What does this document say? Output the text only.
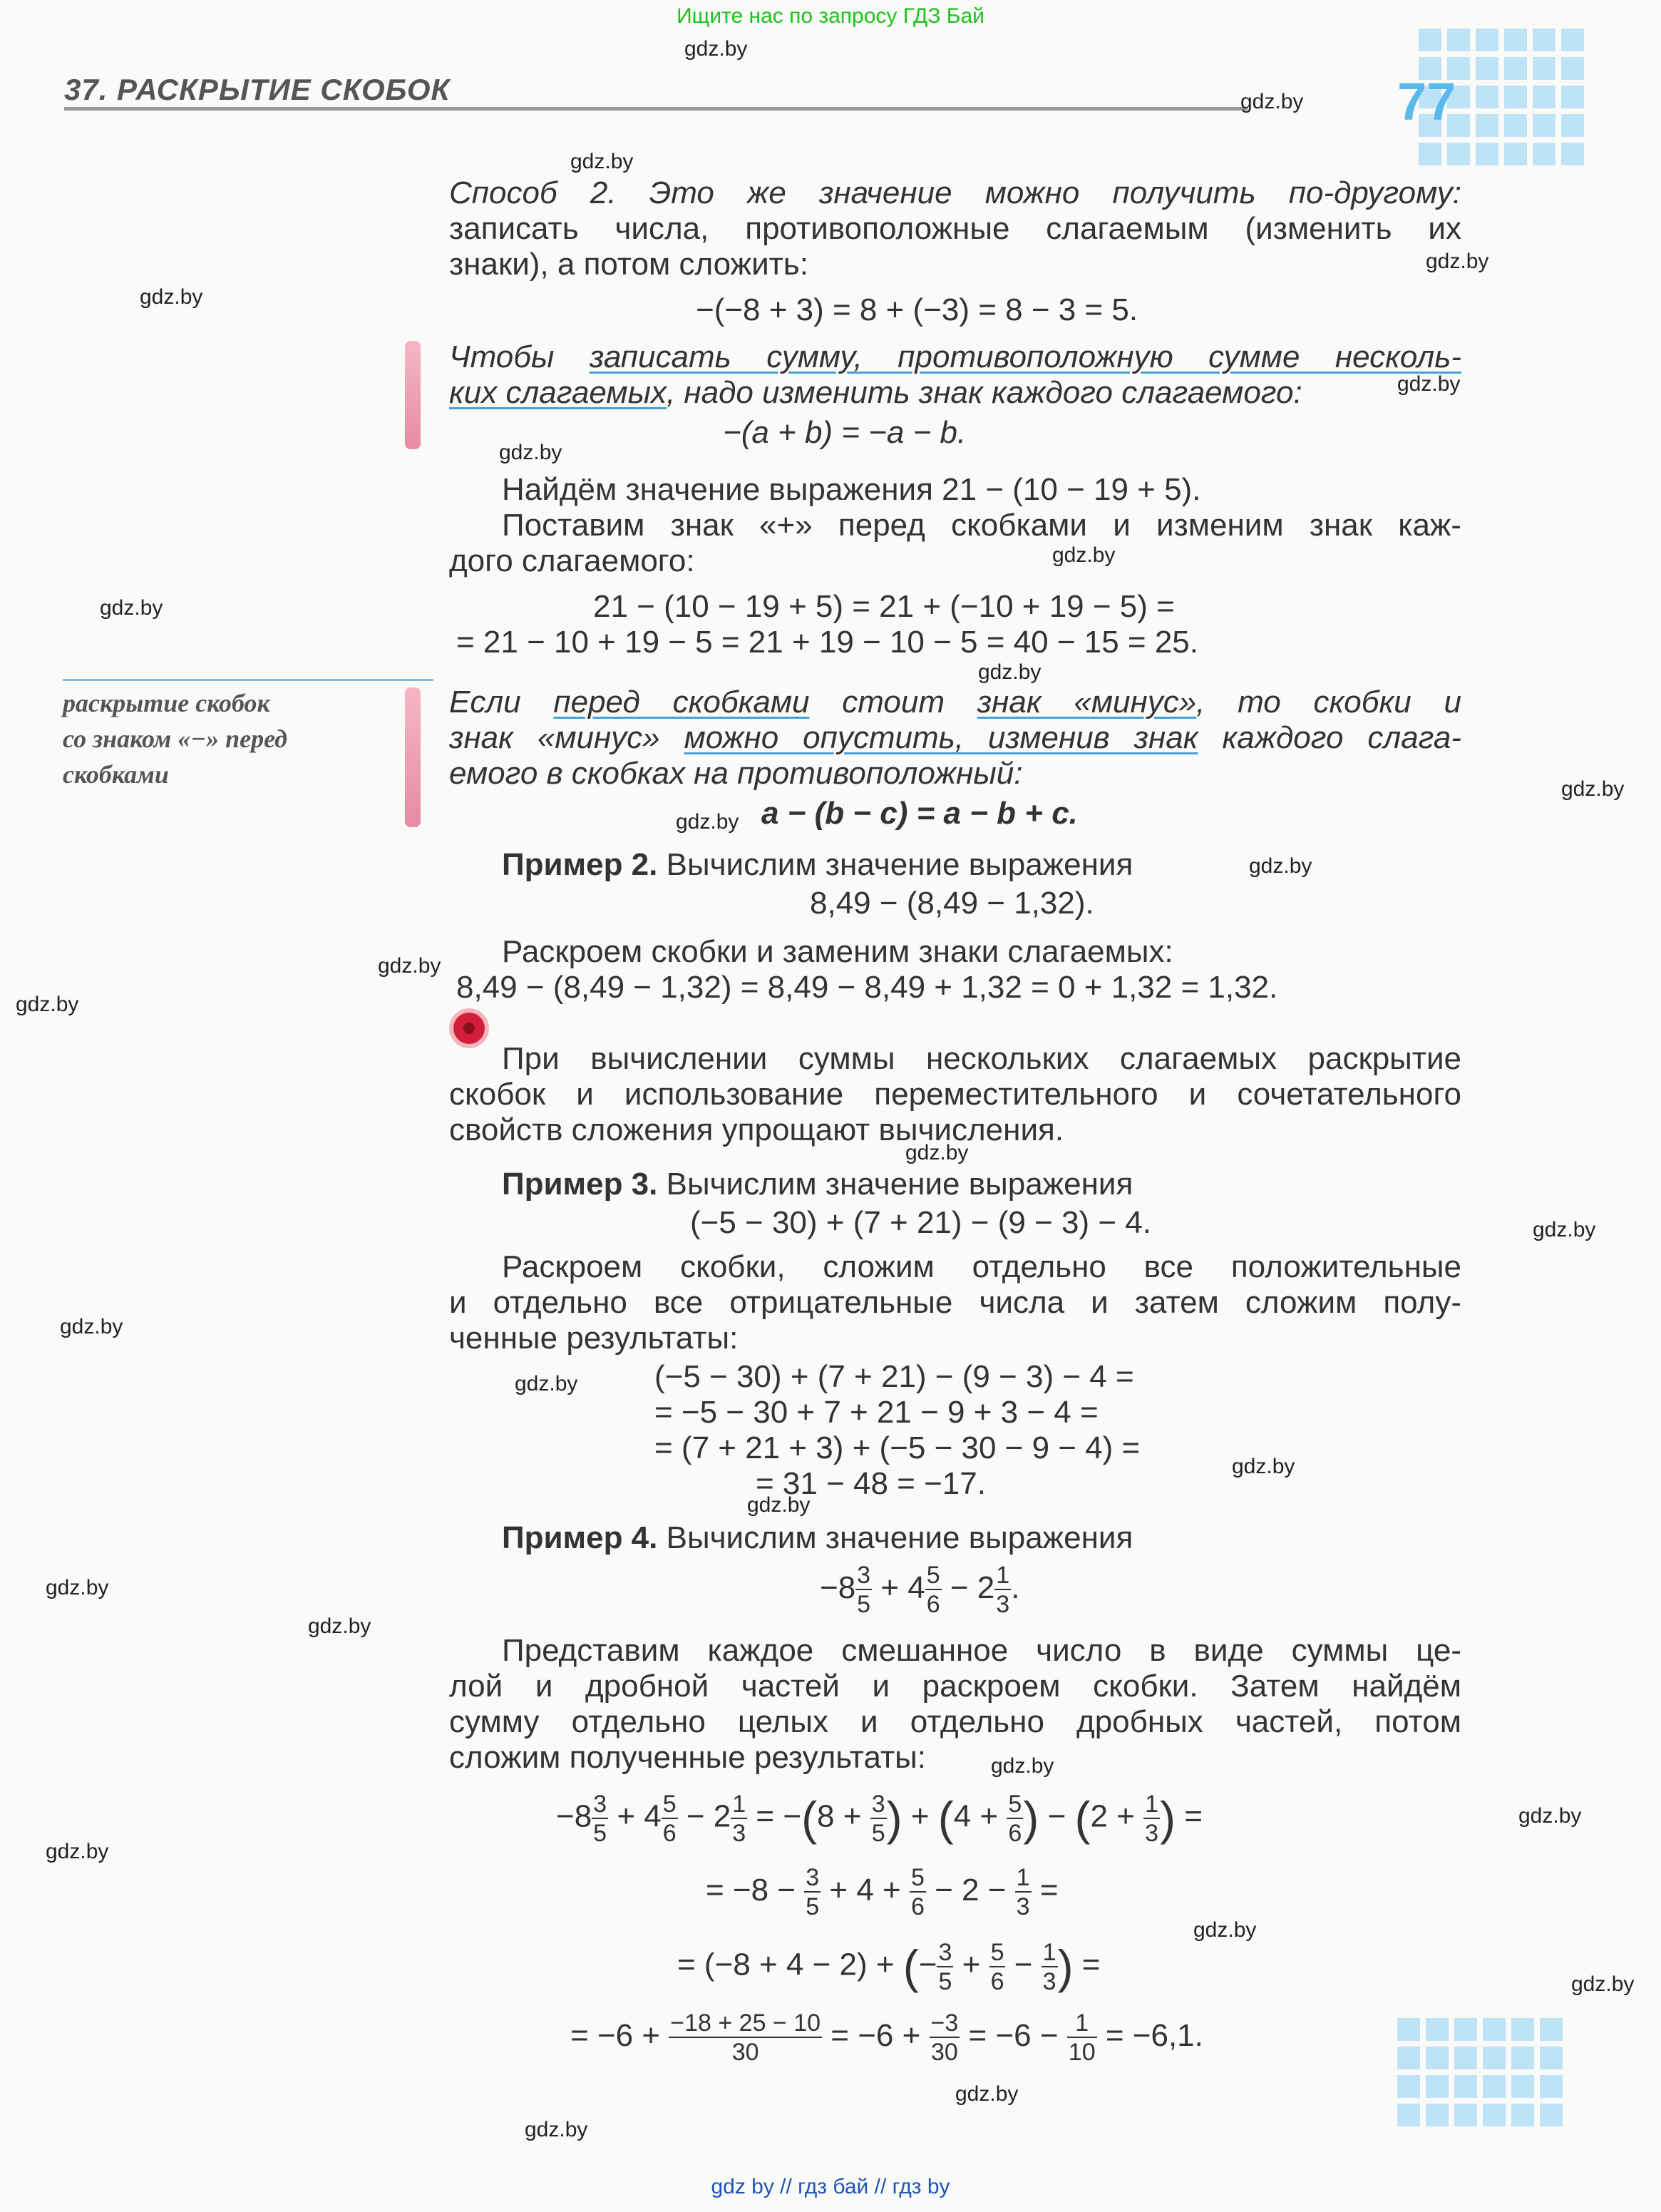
Ищите нас по запросу ГДЗ Бай
37. РАСКРЫТИЕ СКОБОК	77
gdz.by
gdz.by
gdz.by
gdz.by
gdz.by
gdz.by
gdz.by
gdz.by
gdz.by
gdz.by
gdz.by
gdz.by
gdz.by
gdz.by
gdz.by
gdz.by
gdz.by
gdz.by
gdz.by
gdz.by
gdz.by
gdz.by
gdz.by
gdz.by
gdz.by
gdz.by
gdz.by
gdz.by
gdz.by
gdz.by
Способ 2. Это же значение можно получить по-другому:
записать числа, противоположные слагаемым (изменить их
знаки), а потом сложить:
−(−8 + 3) = 8 + (−3) = 8 − 3 = 5.
Чтобы записать сумму, противоположную сумме несколь-
ких слагаемых, надо изменить знак каждого слагаемого:
−(a + b) = −a − b.
Найдём значение выражения 21 − (10 − 19 + 5).
Поставим знак «+» перед скобками и изменим знак каж-
дого слагаемого:
21 − (10 − 19 + 5) = 21 + (−10 + 19 − 5) =
= 21 − 10 + 19 − 5 = 21 + 19 − 10 − 5 = 40 − 15 = 25.
раскрытие скобок
со знаком «−» перед
скобками
Если перед скобками стоит знак «минус», то скобки и
знак «минус» можно опустить, изменив знак каждого слага-
емого в скобках на противоположный:
a − (b − c) = a − b + c.
Пример 2. Вычислим значение выражения
8,49 − (8,49 − 1,32).
Раскроем скобки и заменим знаки слагаемых:
8,49 − (8,49 − 1,32) = 8,49 − 8,49 + 1,32 = 0 + 1,32 = 1,32.
При вычислении суммы нескольких слагаемых раскрытие
скобок и использование переместительного и сочетательного
свойств сложения упрощают вычисления.
Пример 3. Вычислим значение выражения
(−5 − 30) + (7 + 21) − (9 − 3) − 4.
Раскроем скобки, сложим отдельно все положительные
и отдельно все отрицательные числа и затем сложим полу-
ченные результаты:
(−5 − 30) + (7 + 21) − (9 − 3) − 4 =
= −5 − 30 + 7 + 21 − 9 + 3 − 4 =
= (7 + 21 + 3) + (−5 − 30 − 9 − 4) =
= 31 − 48 = −17.
Пример 4. Вычислим значение выражения
$-8 \frac{3}{5} + 4 \frac{5}{6} - 2 \frac{1}{3}$ .
Представим каждое смешанное число в виде суммы це-
лой и дробной частей и раскроем скобки. Затем найдём
сумму отдельно целых и отдельно дробных частей, потом
сложим полученные результаты:
$-8 \frac{3}{5} + 4 \frac{5}{6} - 2 \frac{1}{3} = -(8 + \frac{3}{5}$ ) + ($4 + \frac{5}{6}$ ) − ($2 + \frac{1}{3}$ ) =
= $-8 - \frac{3}{5} + 4 + \frac{5}{6} - 2 - \frac{1}{3}$ =
= (−8 + 4 − 2) + (− $\frac{3}{5} + \frac{5}{6} - \frac{1}{3}$ ) =
= $-6 + \frac{-18 + 25 - 10}{30} = -6 + \frac{-3}{30} = -6 - \frac{1}{10} = -6,1$.
gdz by // гдз бай // гдз by
